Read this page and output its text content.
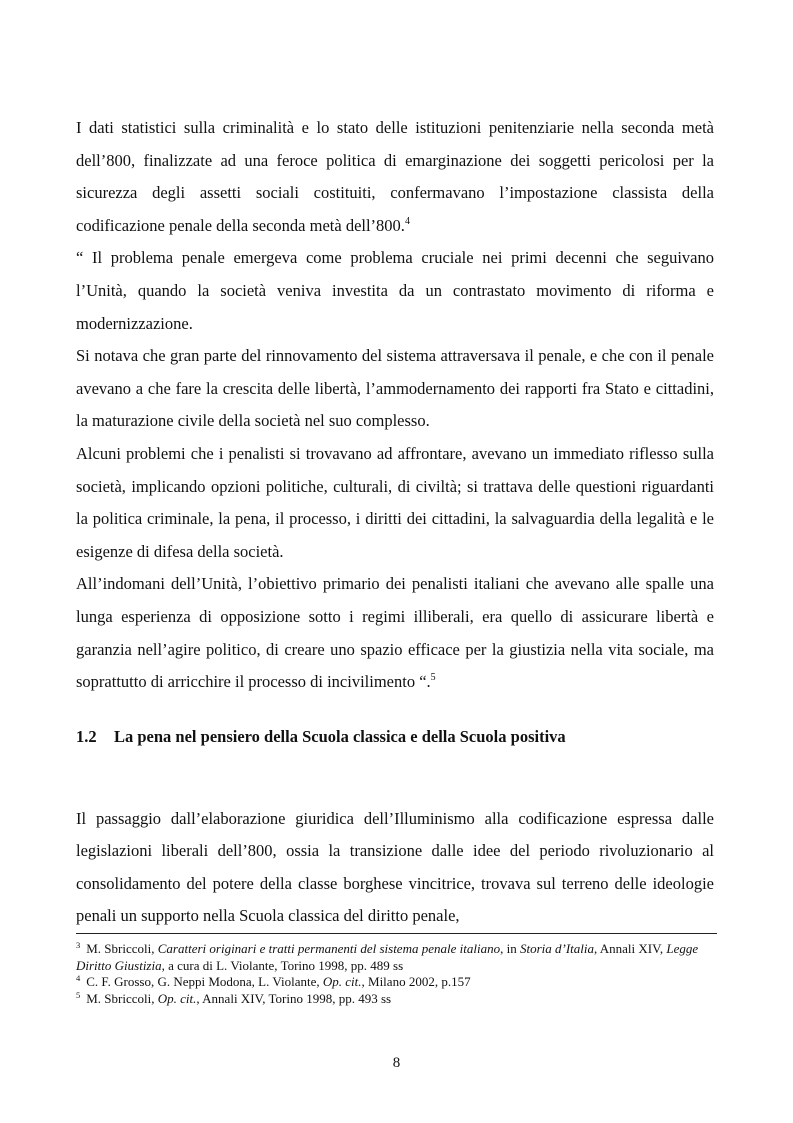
I dati statistici sulla criminalità e lo stato delle istituzioni penitenziarie nella seconda metà dell’800, finalizzate ad una feroce politica di emarginazione dei soggetti pericolosi per la sicurezza degli assetti sociali costituiti, confermavano l’impostazione classista della codificazione penale della seconda metà dell’800.$^4$

“ Il problema penale emergeva come problema cruciale nei primi decenni che seguivano l’Unità, quando la società veniva investita da un contrastato movimento di riforma e modernizzazione.

Si notava che gran parte del rinnovamento del sistema attraversava il penale, e che con il penale avevano a che fare la crescita delle libertà, l’ammodernamento dei rapporti fra Stato e cittadini, la maturazione civile della società nel suo complesso.

Alcuni problemi che i penalisti si trovavano ad affrontare, avevano un immediato riflesso sulla società, implicando opzioni politiche, culturali, di civiltà; si trattava delle questioni riguardanti la politica criminale, la pena, il processo, i diritti dei cittadini, la salvaguardia della legalità e le esigenze di difesa della società.

All’indomani dell’Unità, l’obiettivo primario dei penalisti italiani che avevano alle spalle una lunga esperienza di opposizione sotto i regimi illiberali, era quello di assicurare libertà e garanzia nell’agire politico, di creare uno spazio efficace per la giustizia nella vita sociale, ma soprattutto di arricchire il processo di incivilimento “.$^5$

1.2 La pena nel pensiero della Scuola classica e della Scuola positiva

Il passaggio dall’elaborazione giuridica dell’Illuminismo alla codificazione espressa dalle legislazioni liberali dell’800, ossia la transizione dalle idee del periodo rivoluzionario al consolidamento del potere della classe borghese vincitrice, trovava sul terreno delle ideologie penali un supporto nella Scuola classica del diritto penale,

$^3$ M. Sbriccoli, Caratteri originari e tratti permanenti del sistema penale italiano, in Storia d’Italia, Annali XIV, Legge Diritto Giustizia, a cura di L. Violante, Torino 1998, pp. 489 ss

$^4$ C. F. Grosso, G. Neppi Modona, L. Violante, Op. cit., Milano 2002, p.157

$^5$ M. Sbriccoli, Op. cit., Annali XIV, Torino 1998, pp. 493 ss

8
